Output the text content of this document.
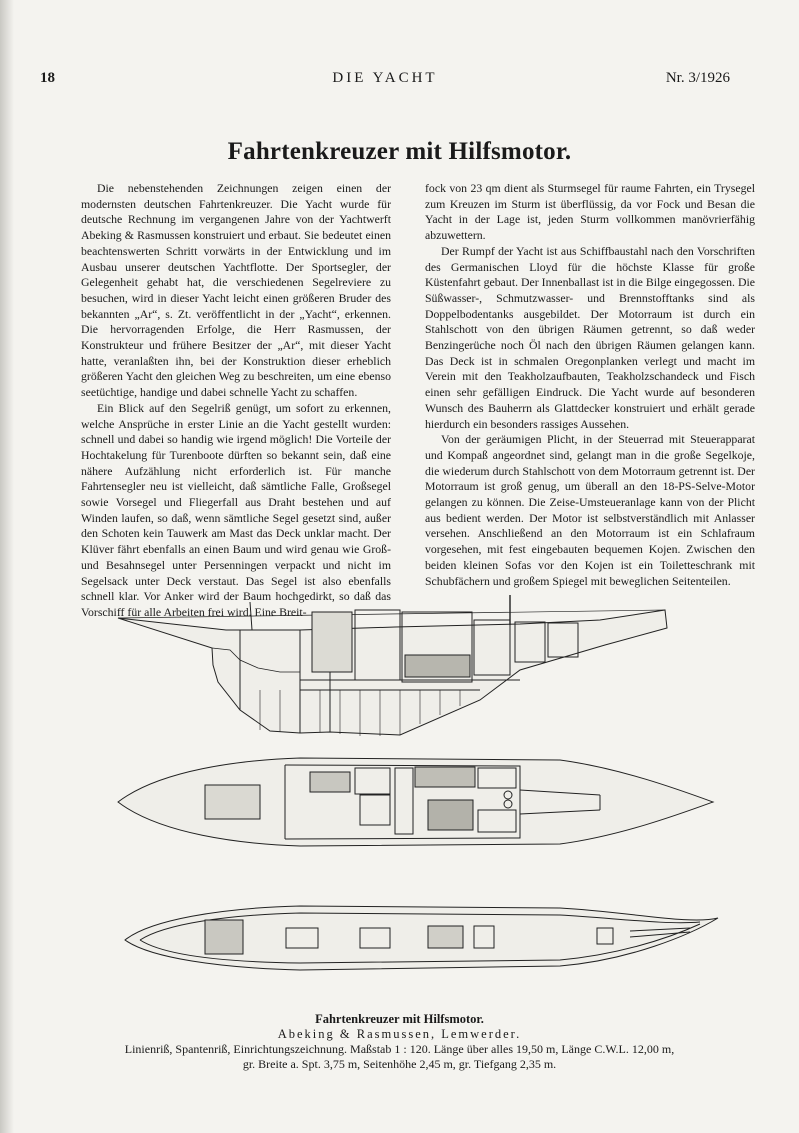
18	DIE YACHT	Nr. 3/1926
Fahrtenkreuzer mit Hilfsmotor.

Die nebenstehenden Zeichnungen zeigen einen der modernsten deutschen Fahrtenkreuzer. Die Yacht wurde für deutsche Rechnung im vergangenen Jahre von der Yachtwerft Abeking & Rasmussen konstruiert und erbaut. Sie bedeutet einen beachtenswerten Schritt vorwärts in der Entwicklung und im Ausbau unserer deutschen Yachtflotte. Der Sportsegler, der Gelegenheit gehabt hat, die verschiedenen Segelreviere zu besuchen, wird in dieser Yacht leicht einen größeren Bruder des bekannten „Ar“, s. Zt. veröffentlicht in der „Yacht“, erkennen. Die hervorragenden Erfolge, die Herr Rasmussen, der Konstrukteur und frühere Besitzer der „Ar“, mit dieser Yacht hatte, veranlaßten ihn, bei der Konstruktion dieser erheblich größeren Yacht den gleichen Weg zu beschreiten, um eine ebenso seetüchtige, handige und dabei schnelle Yacht zu schaffen.

Ein Blick auf den Segelriß genügt, um sofort zu erkennen, welche Ansprüche in erster Linie an die Yacht gestellt wurden: schnell und dabei so handig wie irgend möglich! Die Vorteile der Hochtakelung für Turenboote dürften so bekannt sein, daß eine nähere Aufzählung nicht erforderlich ist. Für manche Fahrtensegler neu ist vielleicht, daß sämtliche Falle, Großsegel sowie Vorsegel und Fliegerfall aus Draht bestehen und auf Winden laufen, so daß, wenn sämtliche Segel gesetzt sind, außer den Schoten kein Tauwerk am Mast das Deck unklar macht. Der Klüver fährt ebenfalls an einen Baum und wird genau wie Groß- und Besahnsegel unter Persenningen verpackt und nicht im Segelsack unter Deck verstaut. Das Segel ist also ebenfalls schnell klar. Vor Anker wird der Baum hochgedirkt, so daß das Vorschiff für alle Arbeiten frei wird. Eine Breit-

fock von 23 qm dient als Sturmsegel für raume Fahrten, ein Trysegel zum Kreuzen im Sturm ist überflüssig, da vor Fock und Besan die Yacht in der Lage ist, jeden Sturm vollkommen manövrierfähig abzuwettern.

Der Rumpf der Yacht ist aus Schiffbaustahl nach den Vorschriften des Germanischen Lloyd für die höchste Klasse für große Küstenfahrt gebaut. Der Innenballast ist in die Bilge eingegossen. Die Süßwasser-, Schmutzwasser- und Brennstofftanks sind als Doppelbodentanks ausgebildet. Der Motorraum ist durch ein Stahlschott von den übrigen Räumen getrennt, so daß weder Benzingerüche noch Öl nach den übrigen Räumen gelangen kann. Das Deck ist in schmalen Oregonplanken verlegt und macht im Verein mit den Teakholzaufbauten, Teakholzschandeck und Fisch einen sehr gefälligen Eindruck. Die Yacht wurde auf besonderen Wunsch des Bauherrn als Glattdecker konstruiert und erhält gerade hierdurch ein besonders rassiges Aussehen.

Von der geräumigen Plicht, in der Steuerrad mit Steuerapparat und Kompaß angeordnet sind, gelangt man in die große Segelkoje, die wiederum durch Stahlschott von dem Motorraum getrennt ist. Der Motorraum ist groß genug, um überall an den 18-PS-Selve-Motor gelangen zu können. Die Zeise-Umsteueranlage kann von der Plicht aus bedient werden. Der Motor ist selbstverständlich mit Anlasser versehen. Anschließend an den Motorraum ist ein Schlafraum vorgesehen, mit fest eingebauten bequemen Kojen. Zwischen den beiden kleinen Sofas vor den Kojen ist ein Toiletteschrank mit Schubfächern und großem Spiegel mit beweglichen Seitenteilen.

Fahrtenkreuzer mit Hilfsmotor.
Abeking & Rasmussen, Lemwerder.
Linienriß, Spantenriß, Einrichtungszeichnung. Maßstab 1 : 120. Länge über alles 19,50 m, Länge C.W.L. 12,00 m,
gr. Breite a. Spt. 3,75 m, Seitenhöhe 2,45 m, gr. Tiefgang 2,35 m.
